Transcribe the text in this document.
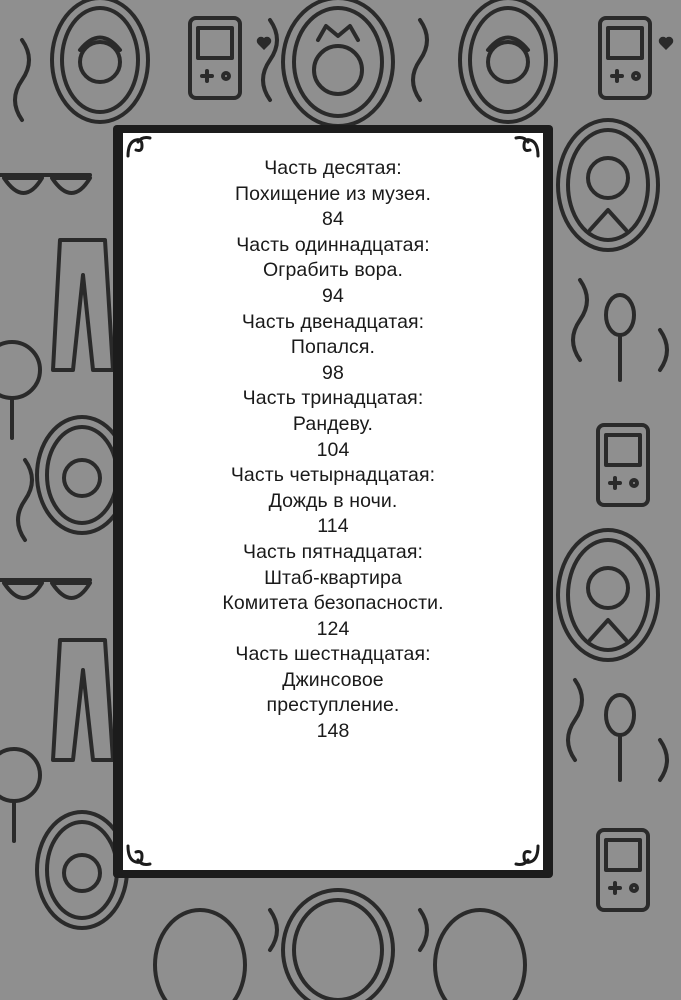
Часть десятая:
Похищение из музея.
84
Часть одиннадцатая:
Ограбить вора.
94
Часть двенадцатая:
Попался.
98
Часть тринадцатая:
Рандеву.
104
Часть четырнадцатая:
Дождь в ночи.
114
Часть пятнадцатая:
Штаб-квартира
Комитета безопасности.
124
Часть шестнадцатая:
Джинсовое
преступление.
148
